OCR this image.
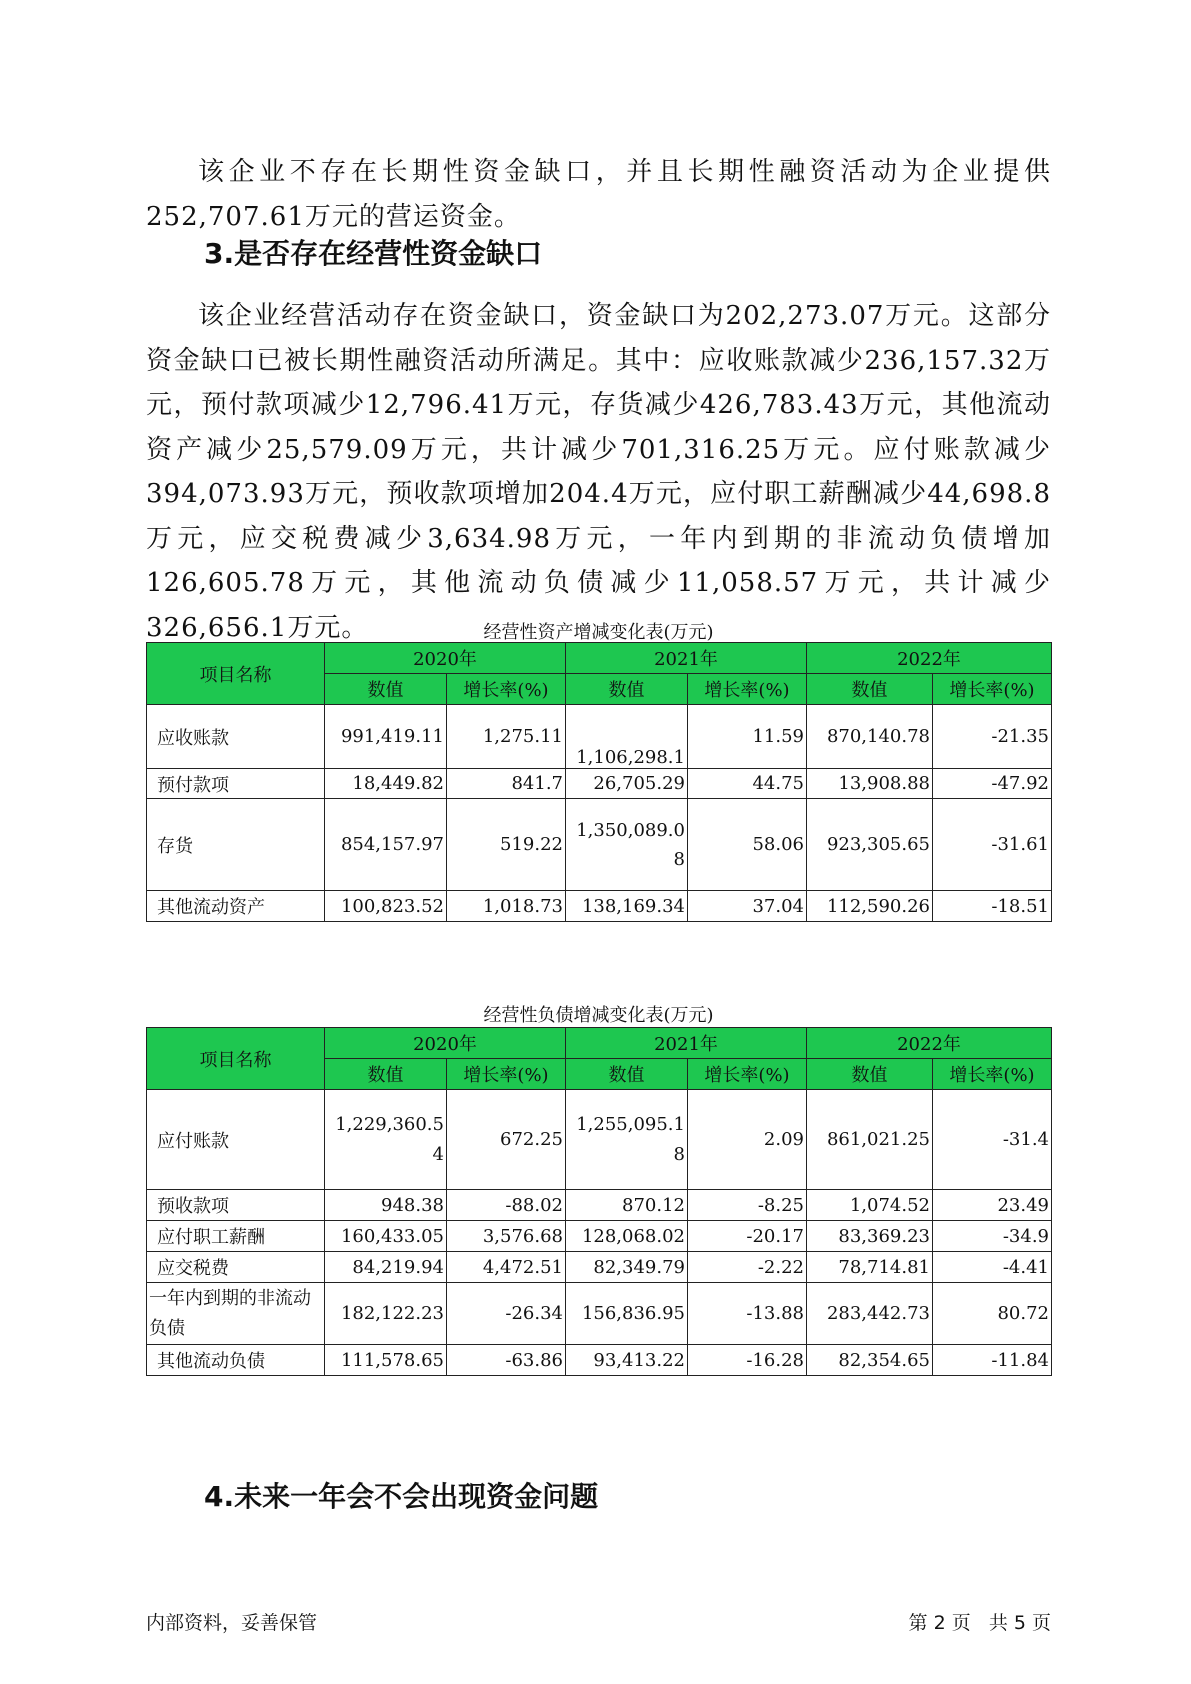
该企业不存在长期性资金缺口，并且长期性融资活动为企业提供252,707.61万元的营运资金。

3.是否存在经营性资金缺口

该企业经营活动存在资金缺口，资金缺口为202,273.07万元。这部分资金缺口已被长期性融资活动所满足。其中：应收账款减少236,157.32万元，预付款项减少12,796.41万元，存货减少426,783.43万元，其他流动资产减少25,579.09万元，共计减少701,316.25万元。应付账款减少394,073.93万元，预收款项增加204.4万元，应付职工薪酬减少44,698.8万元，应交税费减少3,634.98万元，一年内到期的非流动负债增加126,605.78万元，其他流动负债减少11,058.57万元，共计减少326,656.1万元。	经营性资产增减变化表(万元)

项目名称	2020年		2021年		2022年	
	数值	增长率(%)	数值	增长率(%)	数值	增长率(%)
应收账款	991,419.11	1,275.11	1,106,298.1	11.59	870,140.78	-21.35
预付款项	18,449.82	841.7	26,705.29	44.75	13,908.88	-47.92
存货	854,157.97	519.22	1,350,089.08	58.06	923,305.65	-31.61
其他流动资产	100,823.52	1,018.73	138,169.34	37.04	112,590.26	-18.51

经营性负债增减变化表(万元)

项目名称	2020年		2021年		2022年	
	数值	增长率(%)	数值	增长率(%)	数值	增长率(%)
应付账款	1,229,360.54	672.25	1,255,095.18	2.09	861,021.25	-31.4
预收款项	948.38	-88.02	870.12	-8.25	1,074.52	23.49
应付职工薪酬	160,433.05	3,576.68	128,068.02	-20.17	83,369.23	-34.9
应交税费	84,219.94	4,472.51	82,349.79	-2.22	78,714.81	-4.41
一年内到期的非流动负债	182,122.23	-26.34	156,836.95	-13.88	283,442.73	80.72
其他流动负债	111,578.65	-63.86	93,413.22	-16.28	82,354.65	-11.84
4.未来一年会不会出现资金问题
内部资料，妥善保管	第 2 页   共 5 页
